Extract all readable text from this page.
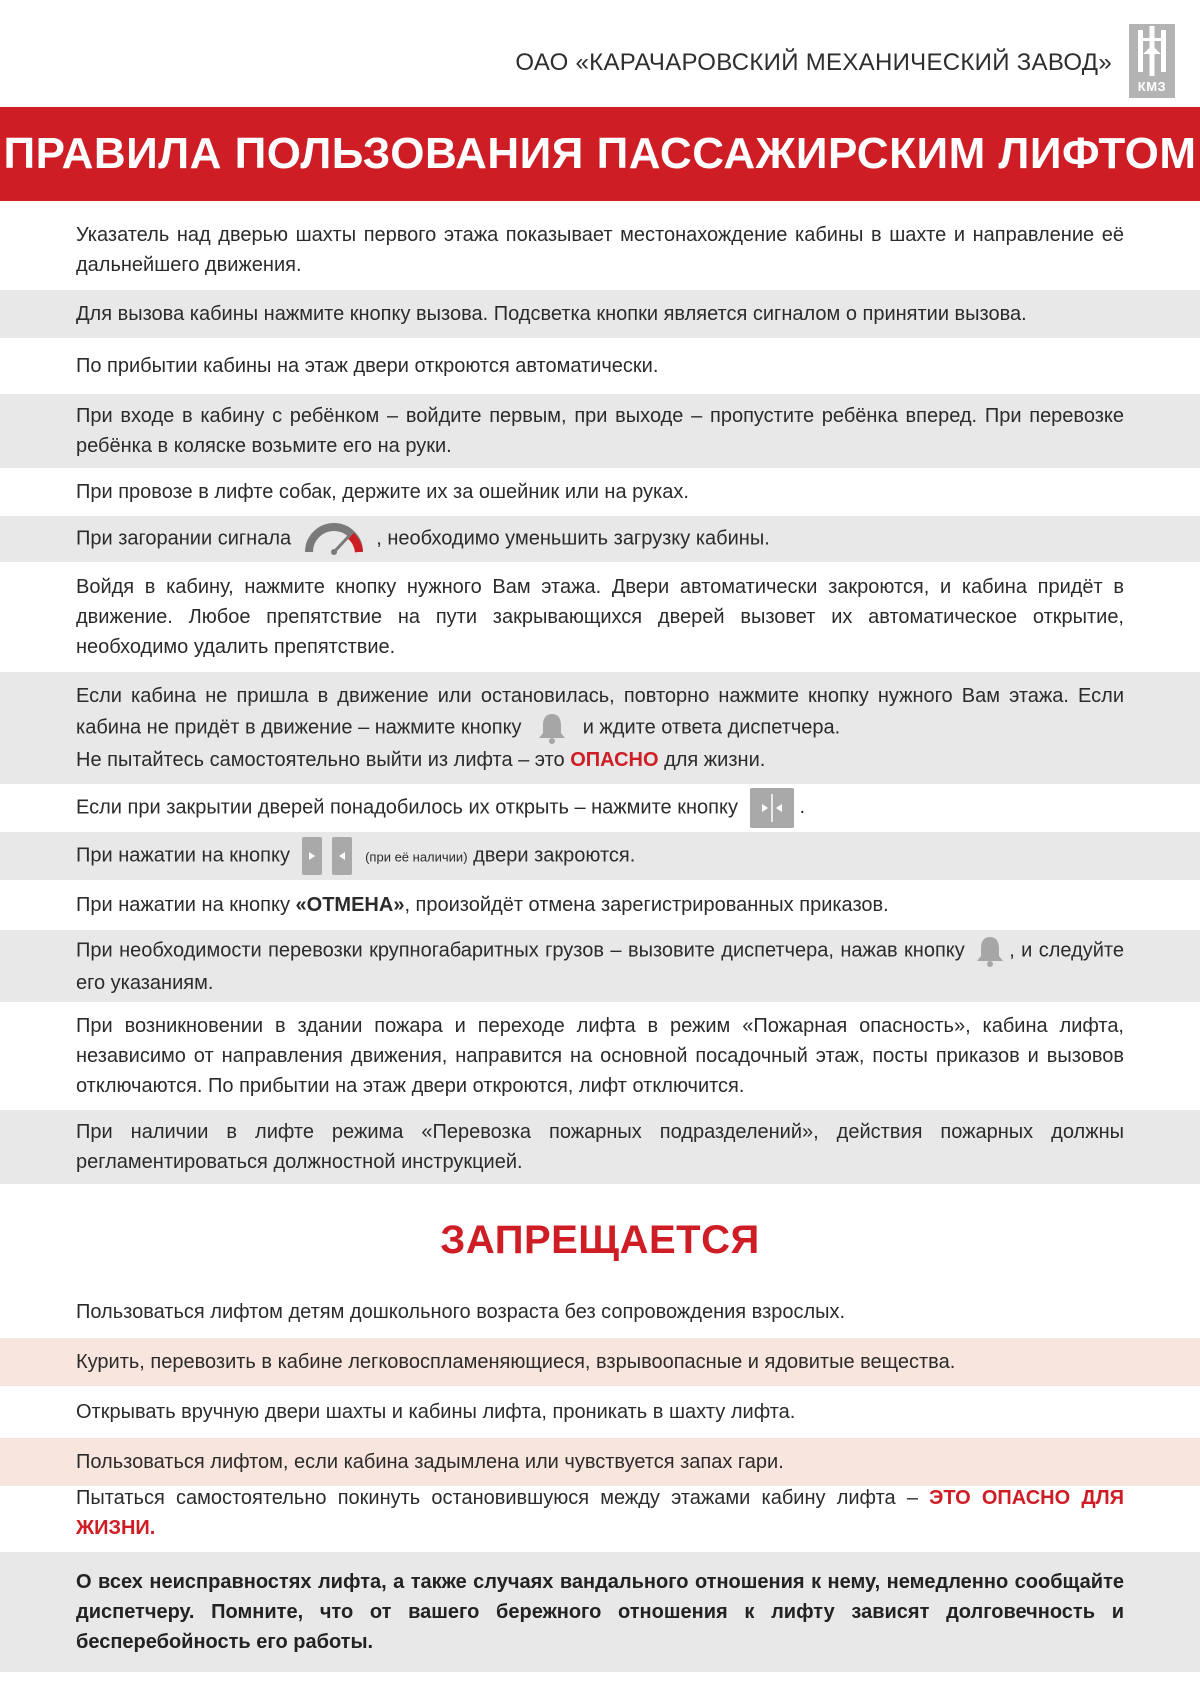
ОАО «КАРАЧАРОВСКИЙ МЕХАНИЧЕСКИЙ ЗАВОД»
КМЗ
ПРАВИЛА ПОЛЬЗОВАНИЯ ПАССАЖИРСКИМ ЛИФТОМ
Указатель над дверью шахты первого этажа показывает местонахождение кабины в шахте и направление её дальнейшего движения.
Для вызова кабины нажмите кнопку вызова. Подсветка кнопки является сигналом о принятии вызова.
По прибытии кабины на этаж двери откроются автоматически.
При входе в кабину с ребёнком – войдите первым, при выходе – пропустите ребёнка вперед. При перевозке ребёнка в коляске возьмите его на руки.
При провозе в лифте собак, держите их за ошейник или на руках.
При загорании сигнала	, необходимо уменьшить загрузку кабины.
Войдя в кабину, нажмите кнопку нужного Вам этажа. Двери автоматически закроются, и кабина придёт в движение. Любое препятствие на пути закрывающихся дверей вызовет их автоматическое открытие, необходимо удалить препятствие.
Если кабина не пришла в движение или остановилась, повторно нажмите кнопку нужного Вам этажа. Если кабина не придёт в движение – нажмите кнопку	и ждите ответа диспетчера.
Не пытайтесь самостоятельно выйти из лифта – это ОПАСНО для жизни.
Если при закрытии дверей понадобилось их открыть – нажмите кнопку	.
При нажатии на кнопку	(при её наличии) двери закроются.
При нажатии на кнопку «ОТМЕНА», произойдёт отмена зарегистрированных приказов.
При необходимости перевозки крупногабаритных грузов – вызовите диспетчера, нажав кнопку , и следуйте его указаниям.
При возникновении в здании пожара и переходе лифта в режим «Пожарная опасность», кабина лифта, независимо от направления движения, направится на основной посадочный этаж, посты приказов и вызовов отключаются. По прибытии на этаж двери откроются, лифт отключится.
При наличии в лифте режима «Перевозка пожарных подразделений», действия пожарных должны регламентироваться должностной инструкцией.
ЗАПРЕЩАЕТСЯ
Пользоваться лифтом детям дошкольного возраста без сопровождения взрослых.
Курить, перевозить в кабине легковоспламеняющиеся, взрывоопасные и ядовитые вещества.
Открывать вручную двери шахты и кабины лифта, проникать в шахту лифта.
Пользоваться лифтом, если кабина задымлена или чувствуется запах гари.
Пытаться самостоятельно покинуть остановившуюся между этажами кабину лифта – ЭТО ОПАСНО ДЛЯ ЖИЗНИ.
О всех неисправностях лифта, а также случаях вандального отношения к нему, немедленно сообщайте диспетчеру. Помните, что от вашего бережного отношения к лифту зависят долговечность и бесперебойность его работы.
